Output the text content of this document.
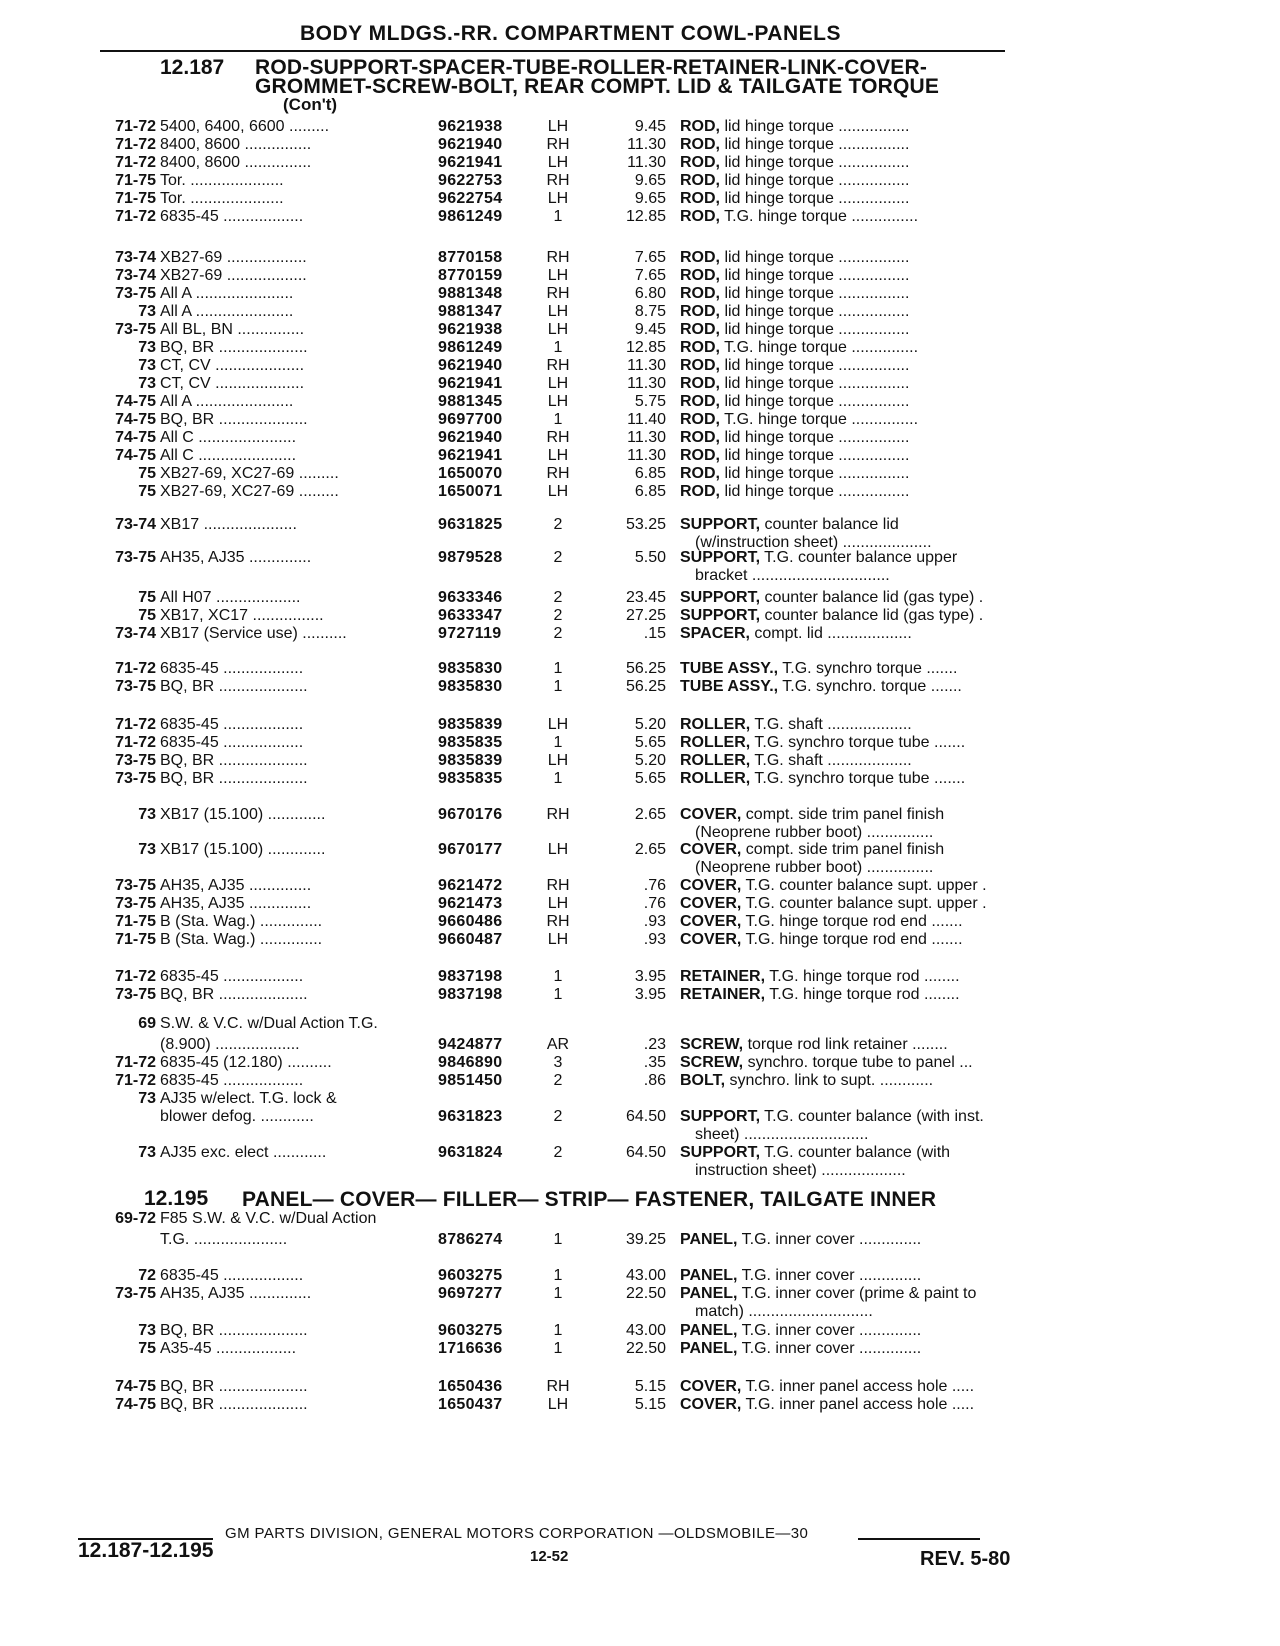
BODY MLDGS.-RR. COMPARTMENT COWL-PANELS
12.187 ROD-SUPPORT-SPACER-TUBE-ROLLER-RETAINER-LINK-COVER-
GROMMET-SCREW-BOLT, REAR COMPT. LID & TAILGATE TORQUE
(Con't)
71-72 5400, 6400, 6600 .........	9621938	LH	9.45 ROD, lid hinge torque ................
71-72 8400, 8600 ...............	9621940	RH	11.30 ROD, lid hinge torque ................
71-72 8400, 8600 ...............	9621941	LH	11.30 ROD, lid hinge torque ................
71-75 Tor. .....................	9622753	RH	9.65 ROD, lid hinge torque ................
71-75 Tor. .....................	9622754	LH	9.65 ROD, lid hinge torque ................
71-72 6835-45 ..................	9861249	1	12.85 ROD, T.G. hinge torque ...............
73-74 XB27-69 ..................	8770158	RH	7.65 ROD, lid hinge torque ................
73-74 XB27-69 ..................	8770159	LH	7.65 ROD, lid hinge torque ................
73-75 All A ......................	9881348	RH	6.80 ROD, lid hinge torque ................
73 All A ......................	9881347	LH	8.75 ROD, lid hinge torque ................
73-75 All BL, BN ...............	9621938	LH	9.45 ROD, lid hinge torque ................
73 BQ, BR ....................	9861249	1	12.85 ROD, T.G. hinge torque ...............
73 CT, CV ....................	9621940	RH	11.30 ROD, lid hinge torque ................
73 CT, CV ....................	9621941	LH	11.30 ROD, lid hinge torque ................
74-75 All A ......................	9881345	LH	5.75 ROD, lid hinge torque ................
74-75 BQ, BR ....................	9697700	1	11.40 ROD, T.G. hinge torque ...............
74-75 All C ......................	9621940	RH	11.30 ROD, lid hinge torque ................
74-75 All C ......................	9621941	LH	11.30 ROD, lid hinge torque ................
75 XB27-69, XC27-69 .........	1650070	RH	6.85 ROD, lid hinge torque ................
75 XB27-69, XC27-69 .........	1650071	LH	6.85 ROD, lid hinge torque ................
73-74 XB17 .....................	9631825	2	53.25 SUPPORT, counter balance lid
(w/instruction sheet) ....................
73-75 AH35, AJ35 ..............	9879528	2	5.50 SUPPORT, T.G. counter balance upper
bracket ...............................
75 All H07 ...................	9633346	2	23.45 SUPPORT, counter balance lid (gas type) .
75 XB17, XC17 ................	9633347	2	27.25 SUPPORT, counter balance lid (gas type) .
73-74 XB17 (Service use) ..........	9727119	2	.15 SPACER, compt. lid ...................
71-72 6835-45 ..................	9835830	1	56.25 TUBE ASSY., T.G. synchro torque .......
73-75 BQ, BR ....................	9835830	1	56.25 TUBE ASSY., T.G. synchro. torque .......
71-72 6835-45 ..................	9835839	LH	5.20 ROLLER, T.G. shaft ...................
71-72 6835-45 ..................	9835835	1	5.65 ROLLER, T.G. synchro torque tube .......
73-75 BQ, BR ....................	9835839	LH	5.20 ROLLER, T.G. shaft ...................
73-75 BQ, BR ....................	9835835	1	5.65 ROLLER, T.G. synchro torque tube .......
73 XB17 (15.100) .............	9670176	RH	2.65 COVER, compt. side trim panel finish
(Neoprene rubber boot) ...............
73 XB17 (15.100) .............	9670177	LH	2.65 COVER, compt. side trim panel finish
(Neoprene rubber boot) ...............
73-75 AH35, AJ35 ..............	9621472	RH	.76 COVER, T.G. counter balance supt. upper .
73-75 AH35, AJ35 ..............	9621473	LH	.76 COVER, T.G. counter balance supt. upper .
71-75 B (Sta. Wag.) ..............	9660486	RH	.93 COVER, T.G. hinge torque rod end .......
71-75 B (Sta. Wag.) ..............	9660487	LH	.93 COVER, T.G. hinge torque rod end .......
71-72 6835-45 ..................	9837198	1	3.95 RETAINER, T.G. hinge torque rod ........
73-75 BQ, BR ....................	9837198	1	3.95 RETAINER, T.G. hinge torque rod ........
69 S.W. & V.C. w/Dual Action T.G.
(8.900) ...................	9424877	AR	.23 SCREW, torque rod link retainer ........
71-72 6835-45 (12.180) ..........	9846890	3	.35 SCREW, synchro. torque tube to panel ...
71-72 6835-45 ..................	9851450	2	.86 BOLT, synchro. link to supt. ............
73 AJ35 w/elect. T.G. lock &
blower defog. ............	9631823	2	64.50 SUPPORT, T.G. counter balance (with inst.
sheet) ............................
73 AJ35 exc. elect ............	9631824	2	64.50 SUPPORT, T.G. counter balance (with
instruction sheet) ...................
12.195 PANEL— COVER— FILLER— STRIP— FASTENER, TAILGATE INNER
69-72 F85 S.W. & V.C. w/Dual Action
T.G. .....................	8786274	1	39.25 PANEL, T.G. inner cover ..............
72 6835-45 ..................	9603275	1	43.00 PANEL, T.G. inner cover ..............
73-75 AH35, AJ35 ..............	9697277	1	22.50 PANEL, T.G. inner cover (prime & paint to
match) ............................
73 BQ, BR ....................	9603275	1	43.00 PANEL, T.G. inner cover ..............
75 A35-45 ..................	1716636	1	22.50 PANEL, T.G. inner cover ..............
74-75 BQ, BR ....................	1650436	RH	5.15 COVER, T.G. inner panel access hole .....
74-75 BQ, BR ....................	1650437	LH	5.15 COVER, T.G. inner panel access hole .....
GM PARTS DIVISION, GENERAL MOTORS CORPORATION —OLDSMOBILE—30
12.187-12.195	12-52	REV. 5-80
